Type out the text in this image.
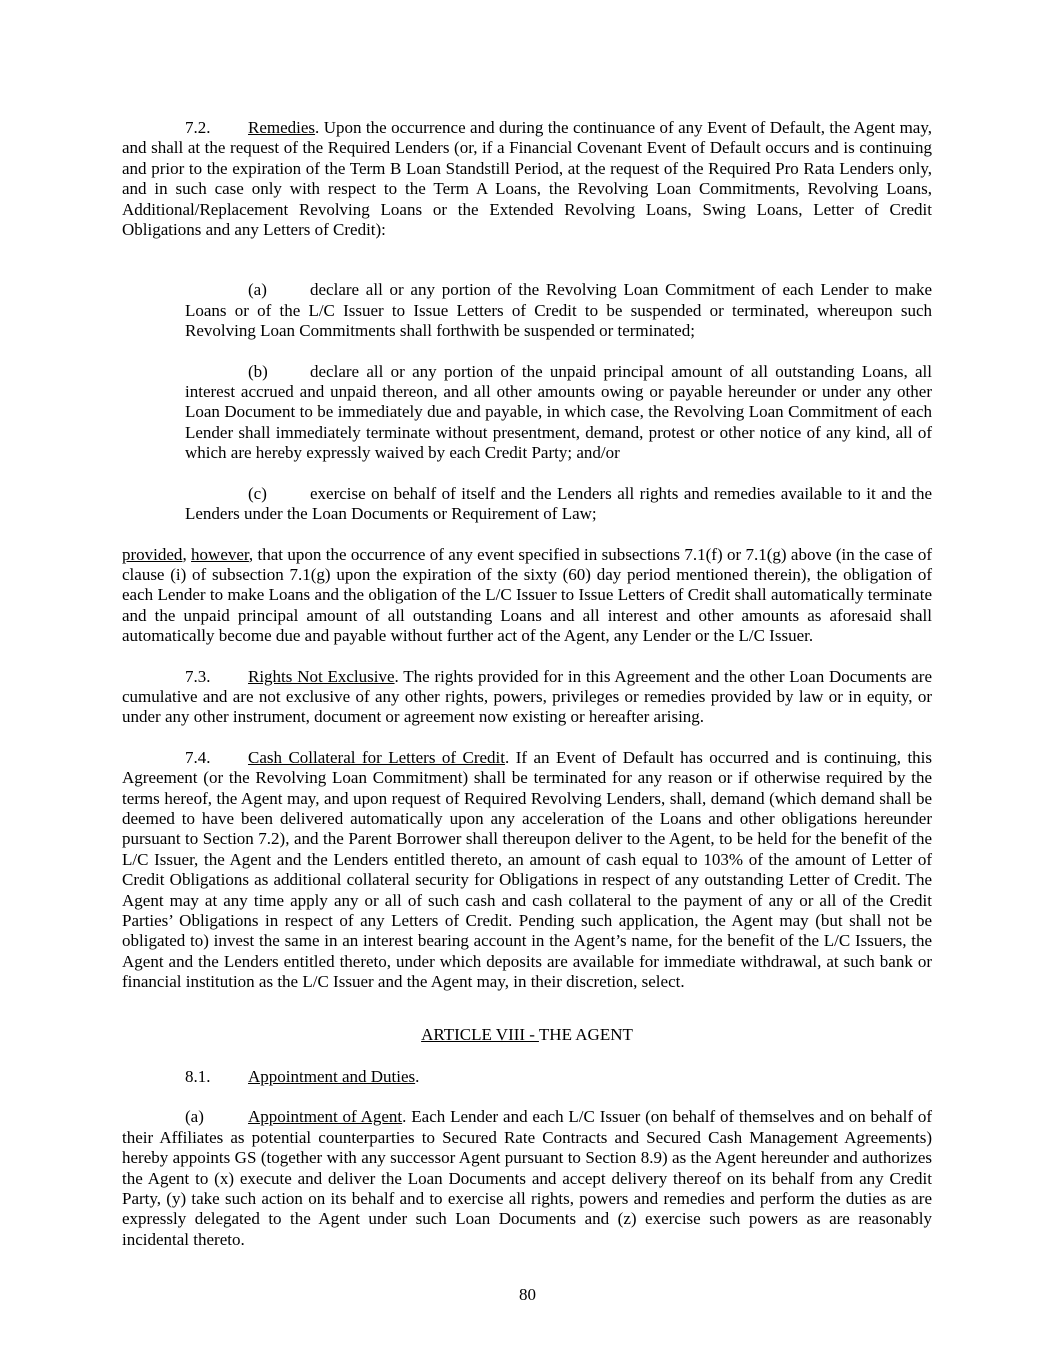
7.2. Remedies. Upon the occurrence and during the continuance of any Event of Default, the Agent may, and shall at the request of the Required Lenders (or, if a Financial Covenant Event of Default occurs and is continuing and prior to the expiration of the Term B Loan Standstill Period, at the request of the Required Pro Rata Lenders only, and in such case only with respect to the Term A Loans, the Revolving Loan Commitments, Revolving Loans, Additional/Replacement Revolving Loans or the Extended Revolving Loans, Swing Loans, Letter of Credit Obligations and any Letters of Credit):

(a)	declare all or any portion of the Revolving Loan Commitment of each Lender to make Loans or of the L/C Issuer to Issue Letters of Credit to be suspended or terminated, whereupon such Revolving Loan Commitments shall forthwith be suspended or terminated;

(b) declare all or any portion of the unpaid principal amount of all outstanding Loans, all interest accrued and unpaid thereon, and all other amounts owing or payable hereunder or under any other Loan Document to be immediately due and payable, in which case, the Revolving Loan Commitment of each Lender shall immediately terminate without presentment, demand, protest or other notice of any kind, all of which are hereby expressly waived by each Credit Party; and/or

(c)	exercise on behalf of itself and the Lenders all rights and remedies available to it and the Lenders under the Loan Documents or Requirement of Law;

provided, however, that upon the occurrence of any event specified in subsections 7.1(f) or 7.1(g) above (in the case of clause (i) of subsection 7.1(g) upon the expiration of the sixty (60) day period mentioned therein), the obligation of each Lender to make Loans and the obligation of the L/C Issuer to Issue Letters of Credit shall automatically terminate and the unpaid principal amount of all outstanding Loans and all interest and other amounts as aforesaid shall automatically become due and payable without further act of the Agent, any Lender or the L/C Issuer.

7.3. Rights Not Exclusive. The rights provided for in this Agreement and the other Loan Documents are cumulative and are not exclusive of any other rights, powers, privileges or remedies provided by law or in equity, or under any other instrument, document or agreement now existing or hereafter arising.

7.4. Cash Collateral for Letters of Credit. If an Event of Default has occurred and is continuing, this Agreement (or the Revolving Loan Commitment) shall be terminated for any reason or if otherwise required by the terms hereof, the Agent may, and upon request of Required Revolving Lenders, shall, demand (which demand shall be deemed to have been delivered automatically upon any acceleration of the Loans and other obligations hereunder pursuant to Section 7.2), and the Parent Borrower shall thereupon deliver to the Agent, to be held for the benefit of the L/C Issuer, the Agent and the Lenders entitled thereto, an amount of cash equal to 103% of the amount of Letter of Credit Obligations as additional collateral security for Obligations in respect of any outstanding Letter of Credit. The Agent may at any time apply any or all of such cash and cash collateral to the payment of any or all of the Credit Parties’ Obligations in respect of any Letters of Credit. Pending such application, the Agent may (but shall not be obligated to) invest the same in an interest bearing account in the Agent’s name, for the benefit of the L/C Issuers, the Agent and the Lenders entitled thereto, under which deposits are available for immediate withdrawal, at such bank or financial institution as the L/C Issuer and the Agent may, in their discretion, select.

ARTICLE VIII - THE AGENT

8.1. Appointment and Duties.

(a)	Appointment of Agent. Each Lender and each L/C Issuer (on behalf of themselves and on behalf of their Affiliates as potential counterparties to Secured Rate Contracts and Secured Cash Management Agreements) hereby appoints GS (together with any successor Agent pursuant to Section 8.9) as the Agent hereunder and authorizes the Agent to (x) execute and deliver the Loan Documents and accept delivery thereof on its behalf from any Credit Party, (y) take such action on its behalf and to exercise all rights, powers and remedies and perform the duties as are expressly delegated to the Agent under such Loan Documents and (z) exercise such powers as are reasonably incidental thereto.

80
